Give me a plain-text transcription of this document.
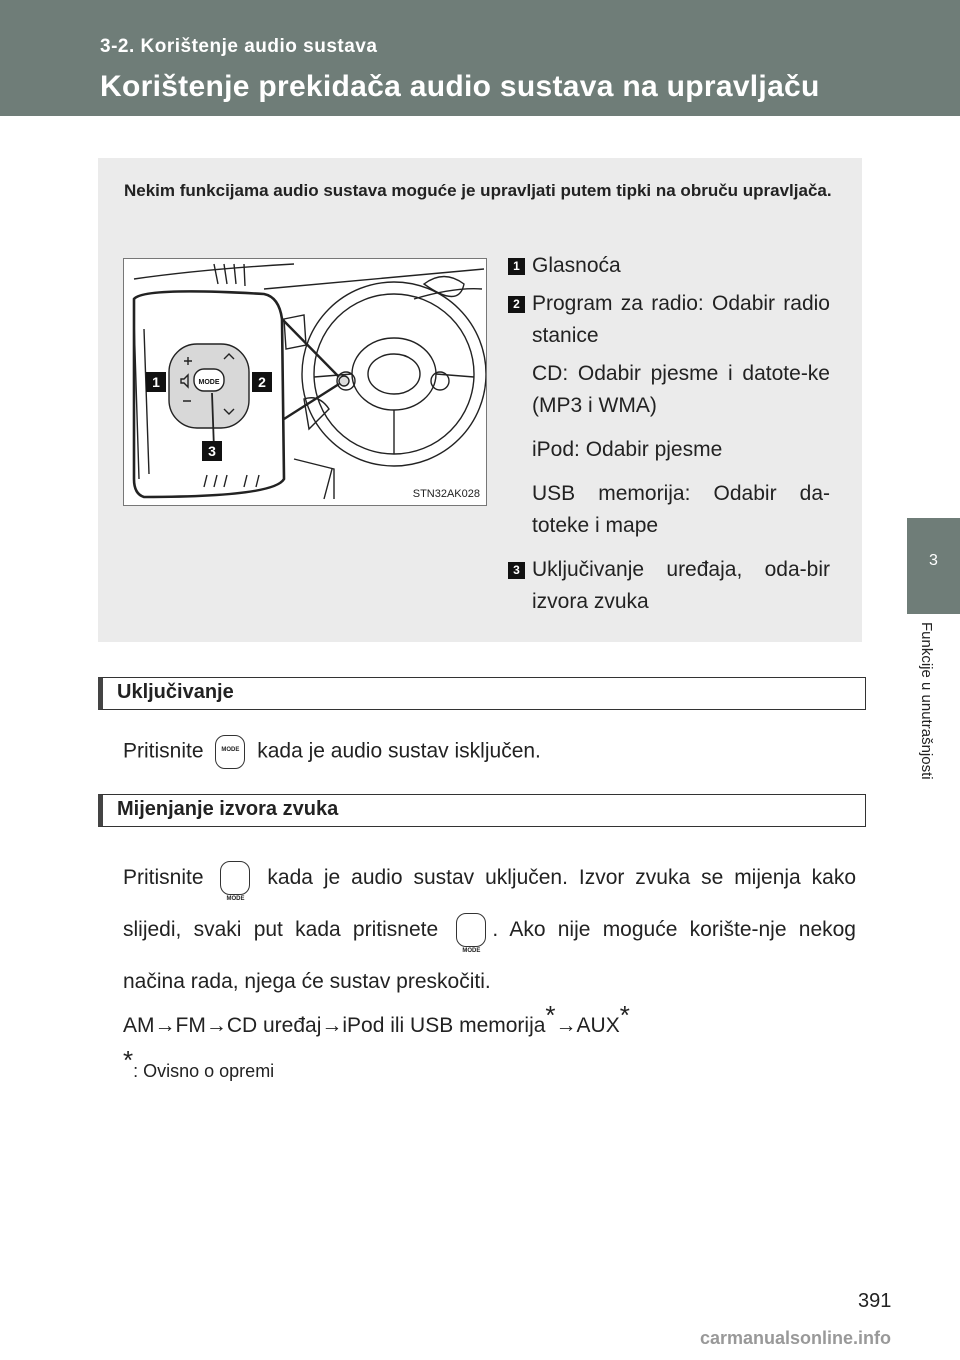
3-2. Korištenje audio sustava
Korištenje prekidača audio sustava na upravljaču
3
Funkcije u unutrašnjosti
Nekim funkcijama audio sustava moguće je upravljati putem tipki na obruču upravljača.
MODE
1	2
3
STN32AK028
1 Glasnoća
2 Program za radio: Odabir radio stanice
CD: Odabir pjesme i datote-ke (MP3 i WMA)
iPod: Odabir pjesme
USB memorija: Odabir da-toteke i mape
3 Uključivanje uređaja, oda-bir izvora zvuka
Uključivanje
Pritisnite MODE	kada je audio sustav isključen.
Mijenjanje izvora zvuka
Pritisnite MODE	kada je audio sustav uključen. Izvor zvuka se mijenja kako slijedi, svaki put kada pritisnete MODE	. Ako nije moguće korište-nje nekog načina rada, njega će sustav preskočiti.
AM→FM→CD uređaj→iPod ili USB memorija*→AUX*
*: Ovisno o opremi
391
carmanualsonline.info
